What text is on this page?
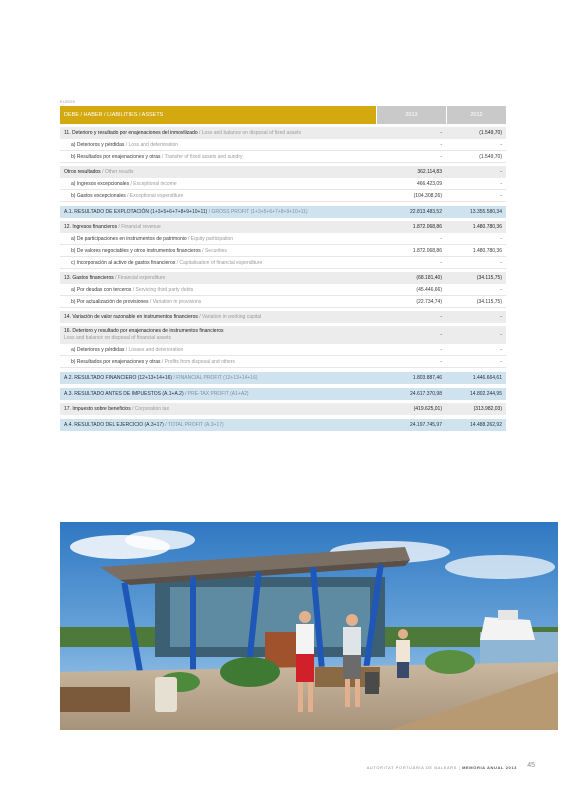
EUROS
DEBE / HABER / LIABILITIES / ASSETS	2013	2012
11. Deterioro y resultado por enajenaciones del inmovilizado / Loss and balance on disposal of fixed assets	-	(1.549,70)
a) Deterioros y pérdidas / Loss and deterioration	-	-
b) Resultados por enajenaciones y otras / Transfer of fixed assets and sundry	-	(1.549,70)
Otros resultados / Other results	362.114,83	-
a) Ingresos excepcionales / Exceptional income	466.423,09	-
b) Gastos excepcionales / Exceptional expenditure	(104.308,26)	-
A.1. RESULTADO DE EXPLOTACIÓN (1+3+5+6+7+8+9+10+11) / GROSS PROFIT (1+3+5+6+7+8+9+10+11)	22.813.483,52	13.355.580,34
12. Ingresos financieros / Financial revenue	1.872.068,86	1.480.780,36
a) De participaciones en instrumentos de patrimonio / Equity participation	-	-
b) De valores negociables y otros instrumentos financieros / Securities	1.872.068,86	1.480.780,36
c) Incorporación al activo de gastos financieros / Capitalisation of financial expenditure	-	-
13. Gastos financieros / Financial expenditure	(68.181,40)	(34.115,75)
a) Por deudas con terceros / Servicing third party debts	(45.446,66)	-
b) Por actualización de provisiones / Variation in provisions	(22.734,74)	(34.115,75)
14. Variación de valor razonable en instrumentos financieros / Variation in working capital	-	-
16. Deterioro y resultado por enajenaciones de instrumentos financieros
Loss and balance on disposal of financial assets	-	-
a) Deterioros y pérdidas / Losses and deterioration	-	-
b) Resultados por enajenaciones y otras / Profits from disposal and others	-	-
A.2. RESULTADO FINANCIERO (12+13+14+16) / FINANCIAL PROFIT (12+13+14+16)	1.803.887,46	1.446.664,61
A.3. RESULTADO ANTES DE IMPUESTOS (A.1+A.2) / PRE-TAX PROFIT (A1+A2)	24.617.370,98	14.802.244,95
17. Impuesto sobre beneficios / Corporation tax	(419.625,01)	(313.982,03)
A.4. RESULTADO DEL EJERCICIO (A.3+17) / TOTAL PROFIT (A.3+17)	24.197.745,97	14.488.262,92
AUTORITAT PORTUÀRIA DE BALEARS | MEMÒRIA ANUAL 2013 45
